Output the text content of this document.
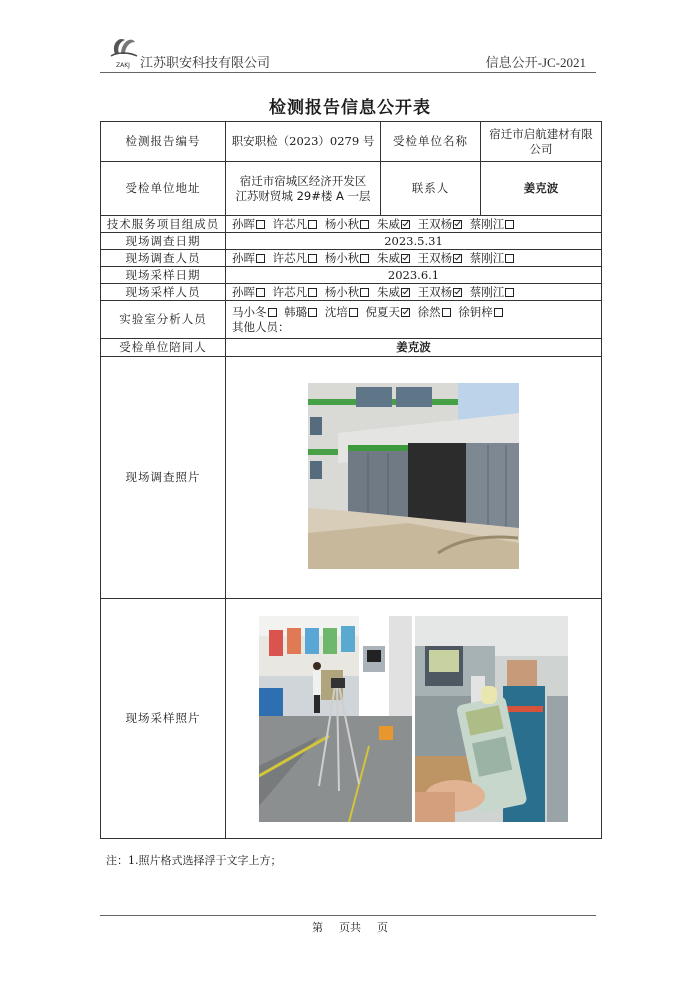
ZAKJ 江苏职安科技有限公司	信息公开-JC-2021
检测报告信息公开表
检测报告编号	职安职检（2023）0279 号	受检单位名称	宿迁市启航建材有限公司
受检单位地址	宿迁市宿城区经济开发区
江苏财贸城 29#楼 A 一层	联系人	姜克波
技术服务项目组成员	孙晖 许芯凡 杨小秋 朱威 王双杨 蔡刚江		
现场调查日期	2023.5.31		
现场调查人员	孙晖 许芯凡 杨小秋 朱威 王双杨 蔡刚江		
现场采样日期	2023.6.1		
现场采样人员	孙晖 许芯凡 杨小秋 朱威 王双杨 蔡刚江		
实验室分析人员	马小冬 韩璐 沈培 倪夏天 徐然 徐钥梓
其他人员：		

受检单位陪同人	姜克波		
现场调查照片	
现场采样照片	
注：1.照片格式选择浮于文字上方；
第 页共 页
